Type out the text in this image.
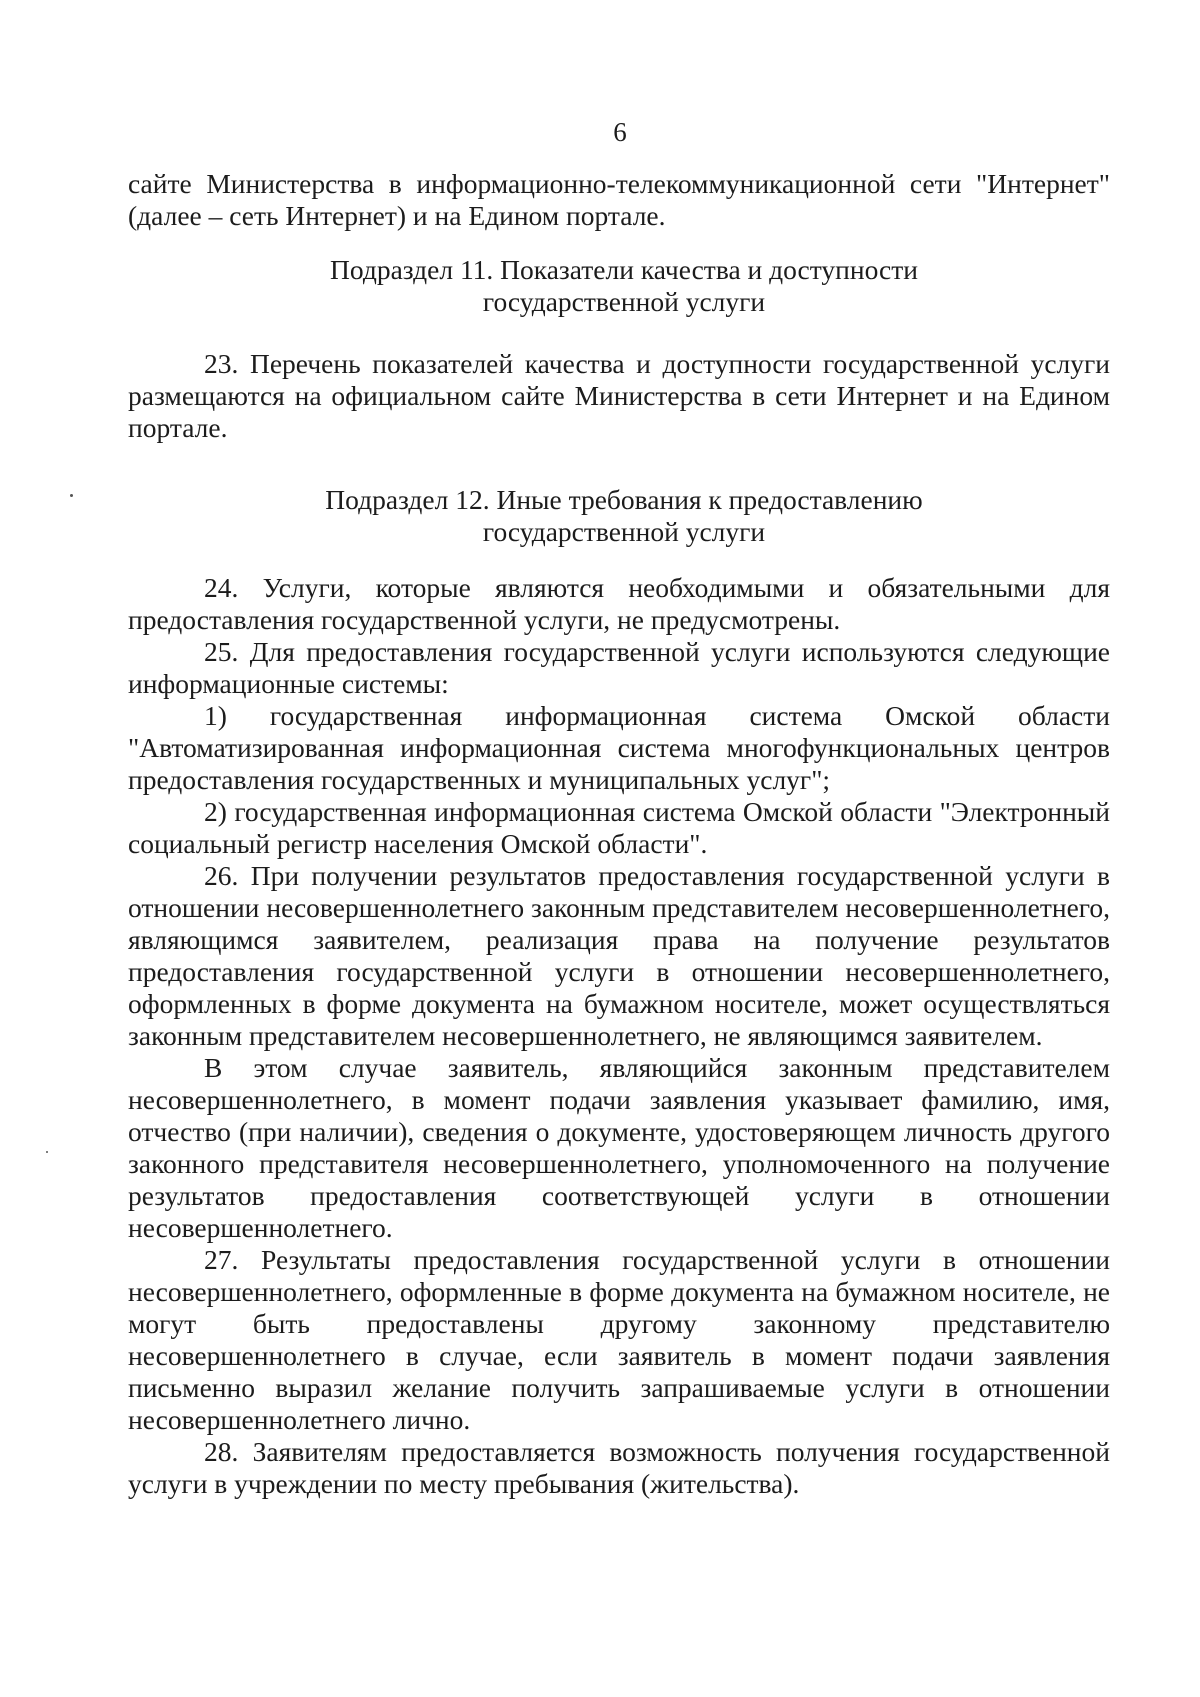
6

сайте Министерства в информационно-телекоммуникационной сети "Интернет" (далее – сеть Интернет) и на Едином портале.

Подраздел 11. Показатели качества и доступности
государственной услуги

23. Перечень показателей качества и доступности государственной услуги размещаются на официальном сайте Министерства в сети Интернет и на Едином портале.

Подраздел 12. Иные требования к предоставлению
государственной услуги

24. Услуги, которые являются необходимыми и обязательными для предоставления государственной услуги, не предусмотрены.

25. Для предоставления государственной услуги используются следующие информационные системы:

1) государственная информационная система Омской области "Автоматизированная информационная система многофункциональных центров предоставления государственных и муниципальных услуг";

2) государственная информационная система Омской области "Электронный социальный регистр населения Омской области".

26. При получении результатов предоставления государственной услуги в отношении несовершеннолетнего законным представителем несовершеннолетнего, являющимся заявителем, реализация права на получение результатов предоставления государственной услуги в отношении несовершеннолетнего, оформленных в форме документа на бумажном носителе, может осуществляться законным представителем несовершеннолетнего, не являющимся заявителем.

В этом случае заявитель, являющийся законным представителем несовершеннолетнего, в момент подачи заявления указывает фамилию, имя, отчество (при наличии), сведения о документе, удостоверяющем личность другого законного представителя несовершеннолетнего, уполномоченного на получение результатов предоставления соответствующей услуги в отношении несовершеннолетнего.

27. Результаты предоставления государственной услуги в отношении несовершеннолетнего, оформленные в форме документа на бумажном носителе, не могут быть предоставлены другому законному представителю несовершеннолетнего в случае, если заявитель в момент подачи заявления письменно выразил желание получить запрашиваемые услуги в отношении несовершеннолетнего лично.

28. Заявителям предоставляется возможность получения государственной услуги в учреждении по месту пребывания (жительства).
